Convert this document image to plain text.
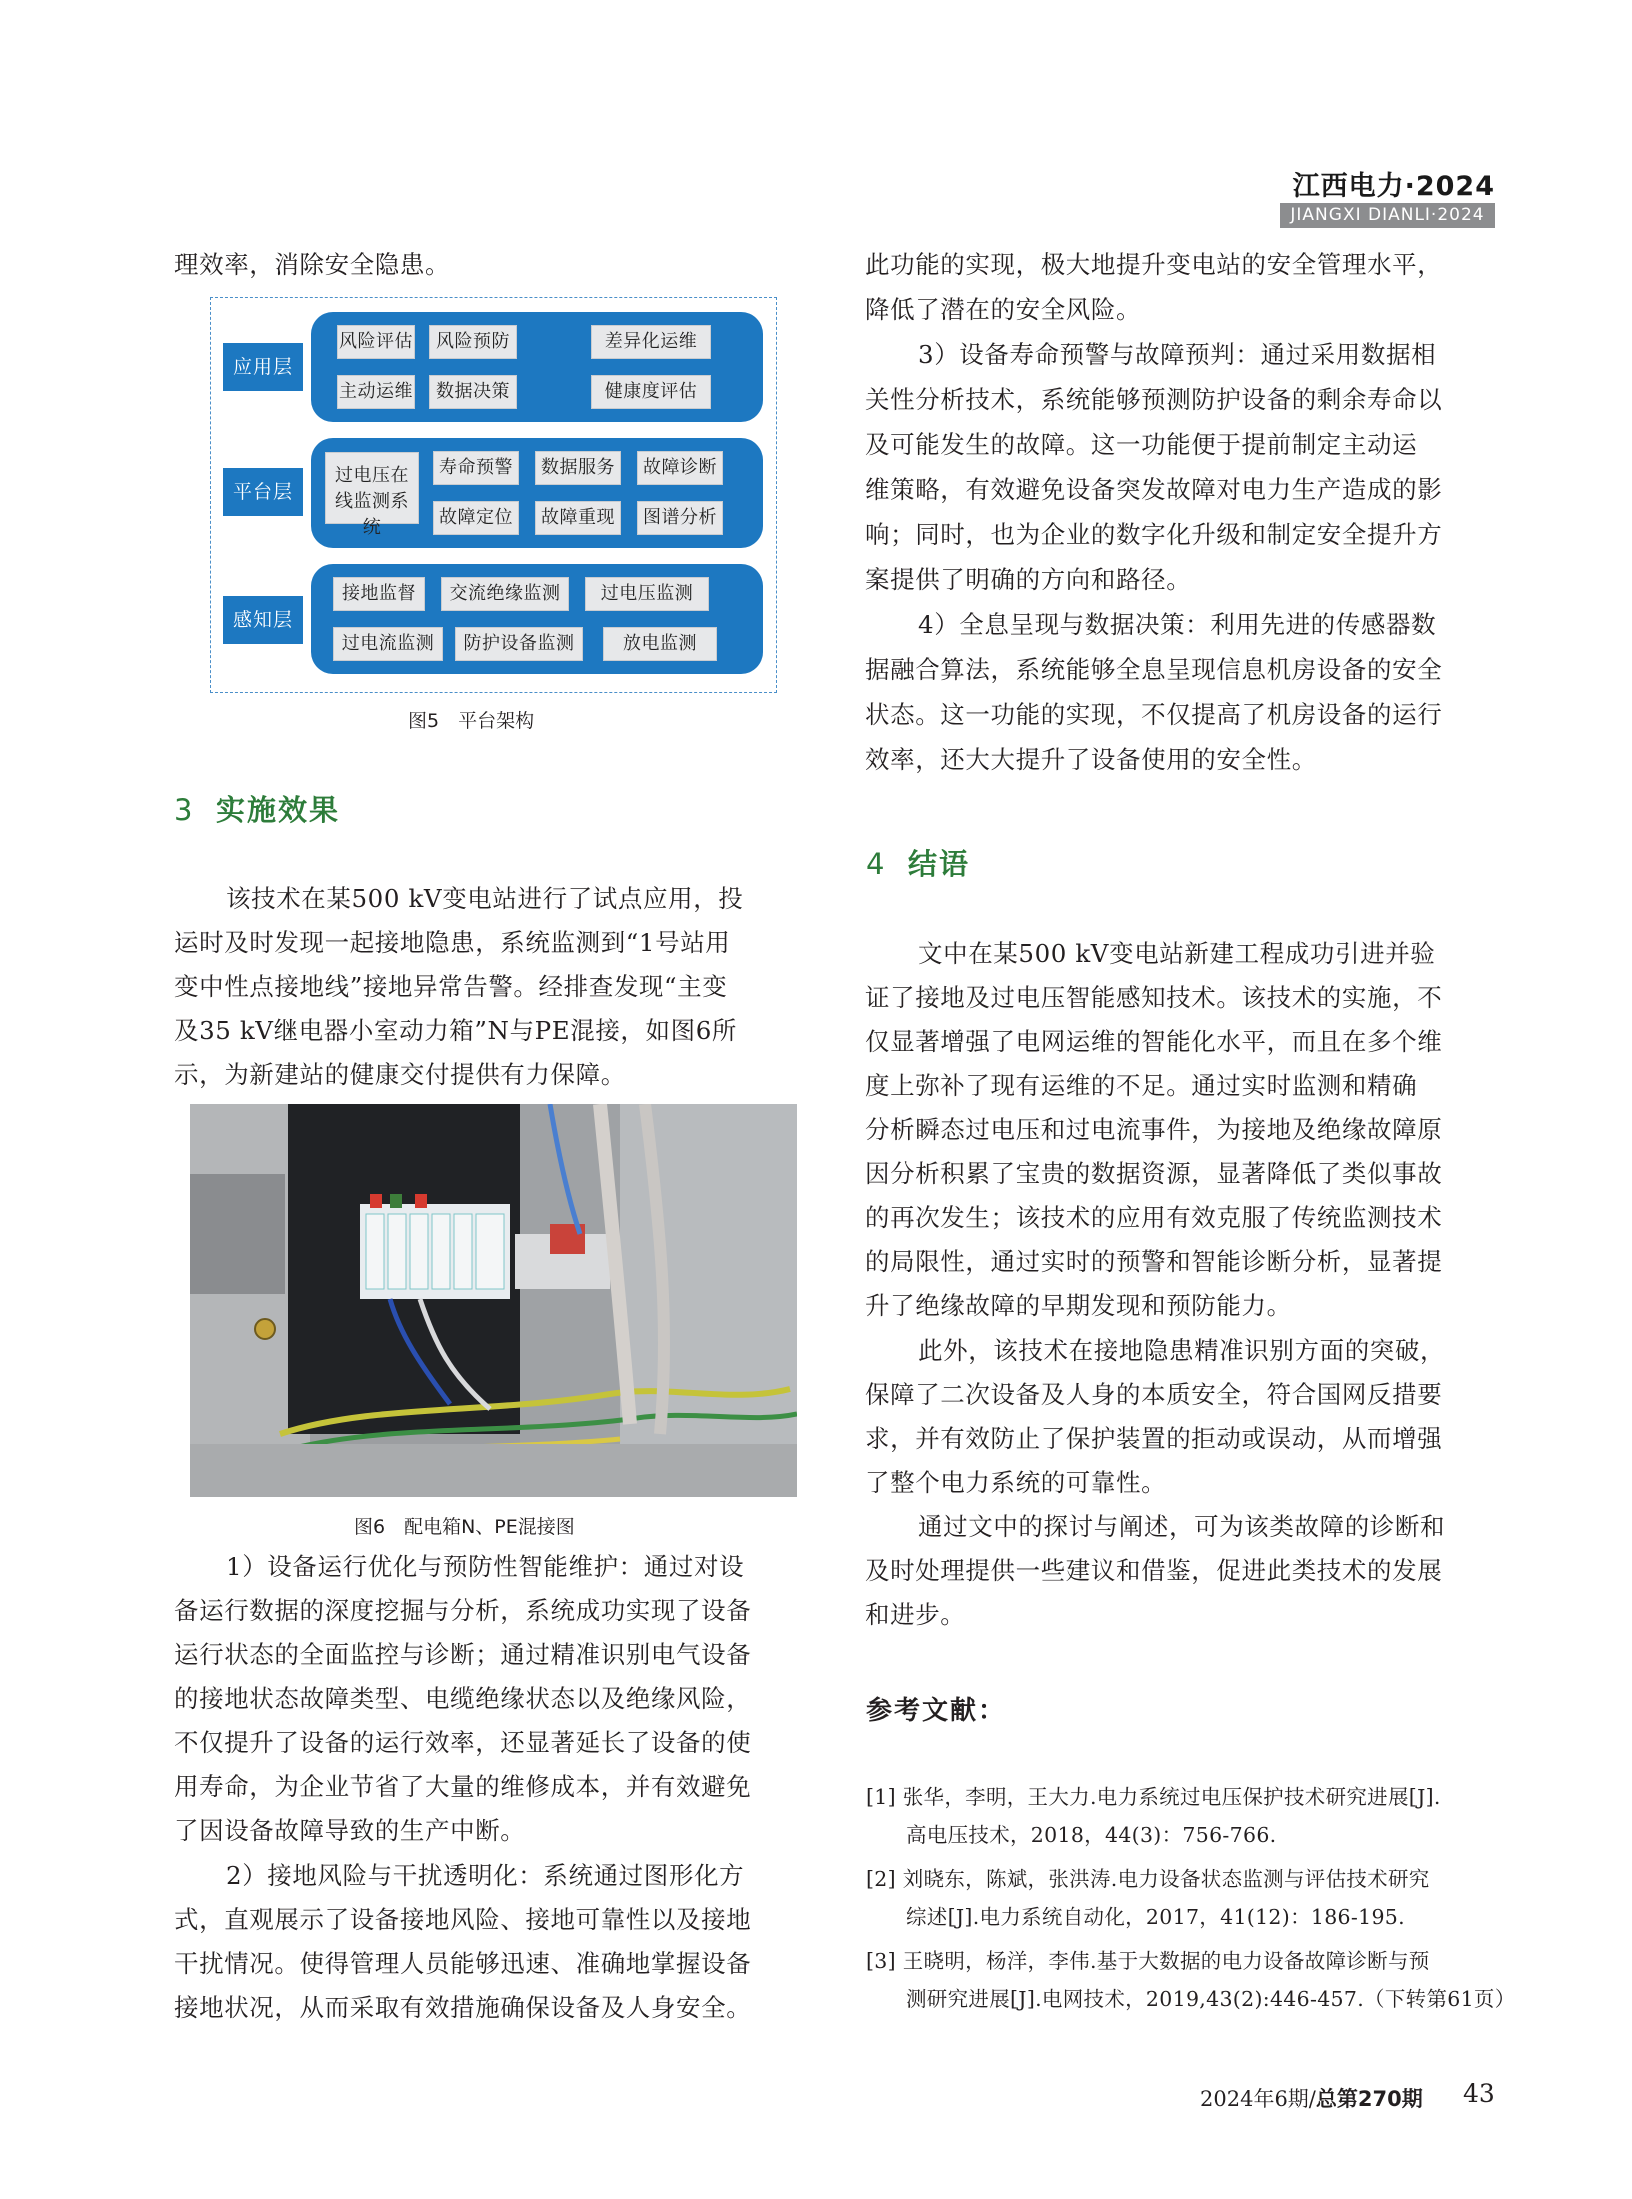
江西电力·2024
JIANGXI DIANLI·2024
理效率，消除安全隐患。
应用层
风险评估	风险预防	差异化运维
主动运维	数据决策	健康度评估
平台层
过电压在线监测系统
寿命预警	数据服务	故障诊断
故障定位	故障重现	图谱分析
感知层
接地监督	交流绝缘监测	过电压监测
过电流监测	防护设备监测	放电监测
图5　平台架构
3 实施效果
该技术在某500 kV变电站进行了试点应用，投
运时及时发现一起接地隐患，系统监测到“1号站用
变中性点接地线”接地异常告警。经排查发现“主变
及35 kV继电器小室动力箱”N与PE混接，如图6所
示，为新建站的健康交付提供有力保障。
图6　配电箱N、PE混接图
1）设备运行优化与预防性智能维护：通过对设
备运行数据的深度挖掘与分析，系统成功实现了设备
运行状态的全面监控与诊断；通过精准识别电气设备
的接地状态故障类型、电缆绝缘状态以及绝缘风险，
不仅提升了设备的运行效率，还显著延长了设备的使
用寿命，为企业节省了大量的维修成本，并有效避免
了因设备故障导致的生产中断。
2）接地风险与干扰透明化：系统通过图形化方
式，直观展示了设备接地风险、接地可靠性以及接地
干扰情况。使得管理人员能够迅速、准确地掌握设备
接地状况，从而采取有效措施确保设备及人身安全。
此功能的实现，极大地提升变电站的安全管理水平，
降低了潜在的安全风险。
3）设备寿命预警与故障预判：通过采用数据相
关性分析技术，系统能够预测防护设备的剩余寿命以
及可能发生的故障。这一功能便于提前制定主动运
维策略，有效避免设备突发故障对电力生产造成的影
响；同时，也为企业的数字化升级和制定安全提升方
案提供了明确的方向和路径。
4）全息呈现与数据决策：利用先进的传感器数
据融合算法，系统能够全息呈现信息机房设备的安全
状态。这一功能的实现，不仅提高了机房设备的运行
效率，还大大提升了设备使用的安全性。
4 结语
文中在某500 kV变电站新建工程成功引进并验
证了接地及过电压智能感知技术。该技术的实施，不
仅显著增强了电网运维的智能化水平，而且在多个维
度上弥补了现有运维的不足。通过实时监测和精确
分析瞬态过电压和过电流事件，为接地及绝缘故障原
因分析积累了宝贵的数据资源，显著降低了类似事故
的再次发生；该技术的应用有效克服了传统监测技术
的局限性，通过实时的预警和智能诊断分析，显著提
升了绝缘故障的早期发现和预防能力。
此外，该技术在接地隐患精准识别方面的突破，
保障了二次设备及人身的本质安全，符合国网反措要
求，并有效防止了保护装置的拒动或误动，从而增强
了整个电力系统的可靠性。
通过文中的探讨与阐述，可为该类故障的诊断和
及时处理提供一些建议和借鉴，促进此类技术的发展
和进步。
参考文献：
[1] 张华，李明，王大力.电力系统过电压保护技术研究进展[J].
高电压技术，2018，44(3)：756-766.
[2] 刘晓东，陈斌，张洪涛.电力设备状态监测与评估技术研究
综述[J].电力系统自动化，2017，41(12)：186-195.
[3] 王晓明，杨洋，李伟.基于大数据的电力设备故障诊断与预
测研究进展[J].电网技术，2019,43(2):446-457.（下转第61页）
2024年6期/总第270期 43
